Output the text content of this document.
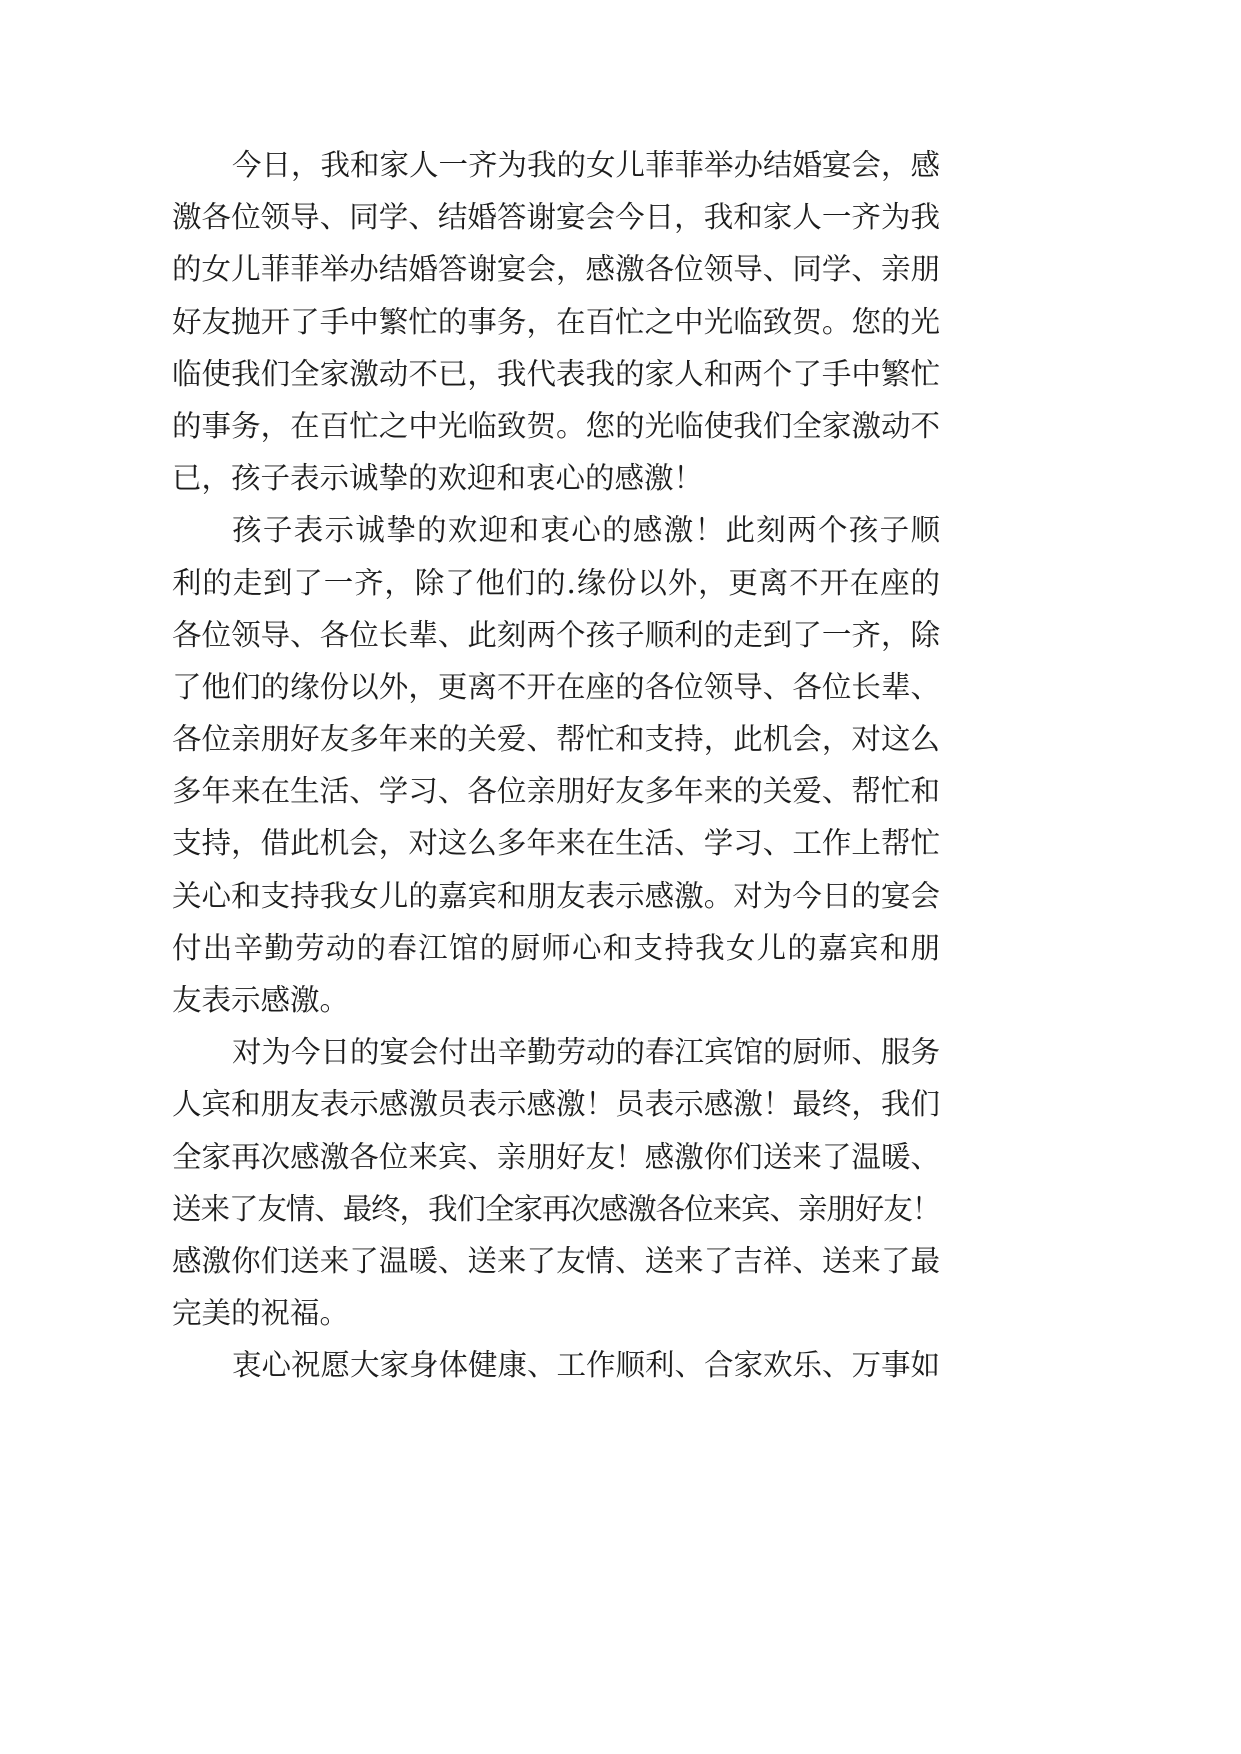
今日，我和家人一齐为我的女儿菲菲举办结婚宴会，感
激各位领导、同学、结婚答谢宴会今日，我和家人一齐为我
的女儿菲菲举办结婚答谢宴会，感激各位领导、同学、亲朋
好友抛开了手中繁忙的事务，在百忙之中光临致贺。您的光
临使我们全家激动不已，我代表我的家人和两个了手中繁忙
的事务，在百忙之中光临致贺。您的光临使我们全家激动不
已，孩子表示诚挚的欢迎和衷心的感激！
孩子表示诚挚的欢迎和衷心的感激！此刻两个孩子顺
利的走到了一齐，除了他们的.缘份以外，更离不开在座的
各位领导、各位长辈、此刻两个孩子顺利的走到了一齐，除
了他们的缘份以外，更离不开在座的各位领导、各位长辈、
各位亲朋好友多年来的关爱、帮忙和支持，此机会，对这么
多年来在生活、学习、各位亲朋好友多年来的关爱、帮忙和
支持，借此机会，对这么多年来在生活、学习、工作上帮忙
关心和支持我女儿的嘉宾和朋友表示感激。对为今日的宴会
付出辛勤劳动的春江馆的厨师心和支持我女儿的嘉宾和朋
友表示感激。
对为今日的宴会付出辛勤劳动的春江宾馆的厨师、服务
人宾和朋友表示感激员表示感激！员表示感激！最终，我们
全家再次感激各位来宾、亲朋好友！感激你们送来了温暖、
送来了友情、最终，我们全家再次感激各位来宾、亲朋好友！
感激你们送来了温暖、送来了友情、送来了吉祥、送来了最
完美的祝福。
衷心祝愿大家身体健康、工作顺利、合家欢乐、万事如
